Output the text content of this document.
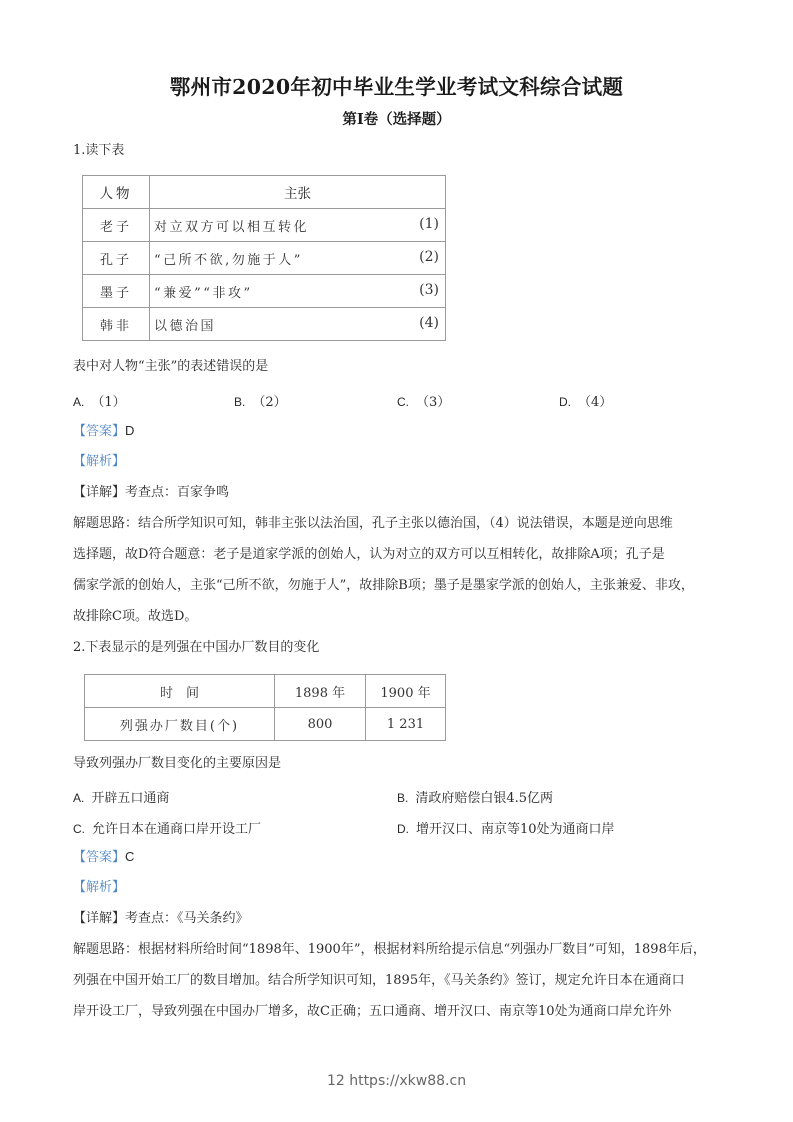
鄂州市2020年初中毕业生学业考试文科综合试题
第Ⅰ卷（选择题）
1.读下表
人物	主张
老子	对立双方可以相互转化 (1)

孔子	“己所不欲,勿施于人” (2)

墨子	“兼爱”“非攻” (3)

韩非	以德治国 (4)
表中对人物“主张”的表述错误的是
A. （1）	B. （2）	C. （3）	D. （4）
【答案】D
【解析】
【详解】考查点：百家争鸣
解题思路：结合所学知识可知，韩非主张以法治国，孔子主张以德治国，（4）说法错误，本题是逆向思维
选择题，故D符合题意：老子是道家学派的创始人，认为对立的双方可以互相转化，故排除A项；孔子是
儒家学派的创始人，主张“己所不欲，勿施于人”，故排除B项；墨子是墨家学派的创始人，主张兼爱、非攻，
故排除C项。故选D。
2.下表显示的是列强在中国办厂数目的变化
时　间	1898 年	1900 年
列强办厂数目(个)	800	1 231
导致列强办厂数目变化的主要原因是
A. 开辟五口通商	B. 清政府赔偿白银4.5亿两
C. 允许日本在通商口岸开设工厂	D. 增开汉口、南京等10处为通商口岸
【答案】C
【解析】
【详解】考查点：《马关条约》
解题思路：根据材料所给时间“1898年、1900年”，根据材料所给提示信息“列强办厂数目”可知，1898年后，
列强在中国开始工厂的数目增加。结合所学知识可知，1895年，《马关条约》签订，规定允许日本在通商口
岸开设工厂，导致列强在中国办厂增多，故C正确；五口通商、增开汉口、南京等10处为通商口岸允许外
12 https://xkw88.cn
